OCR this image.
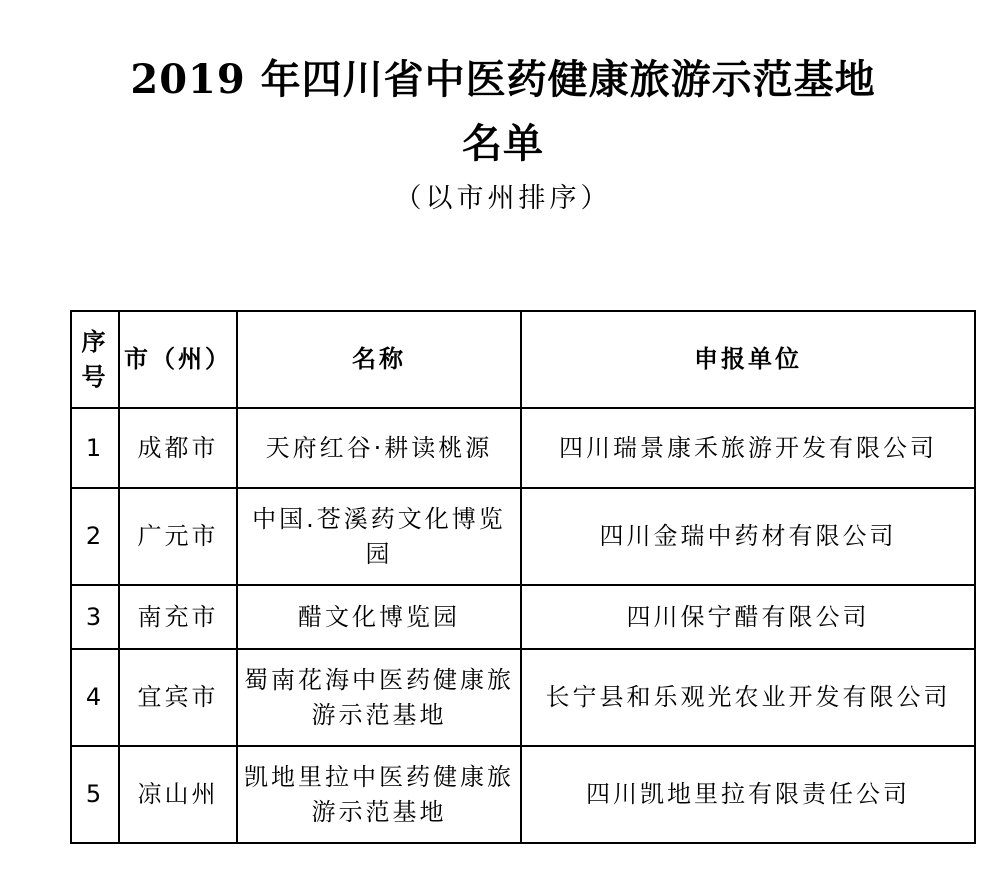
2019 年四川省中医药健康旅游示范基地
名单
（以市州排序）
序号	市（州）	名称	申报单位
1	成都市	天府红谷·耕读桃源	四川瑞景康禾旅游开发有限公司
2	广元市	中国.苍溪药文化博览园	四川金瑞中药材有限公司
3	南充市	醋文化博览园	四川保宁醋有限公司
4	宜宾市	蜀南花海中医药健康旅游示范基地	长宁县和乐观光农业开发有限公司
5	凉山州	凯地里拉中医药健康旅游示范基地	四川凯地里拉有限责任公司
